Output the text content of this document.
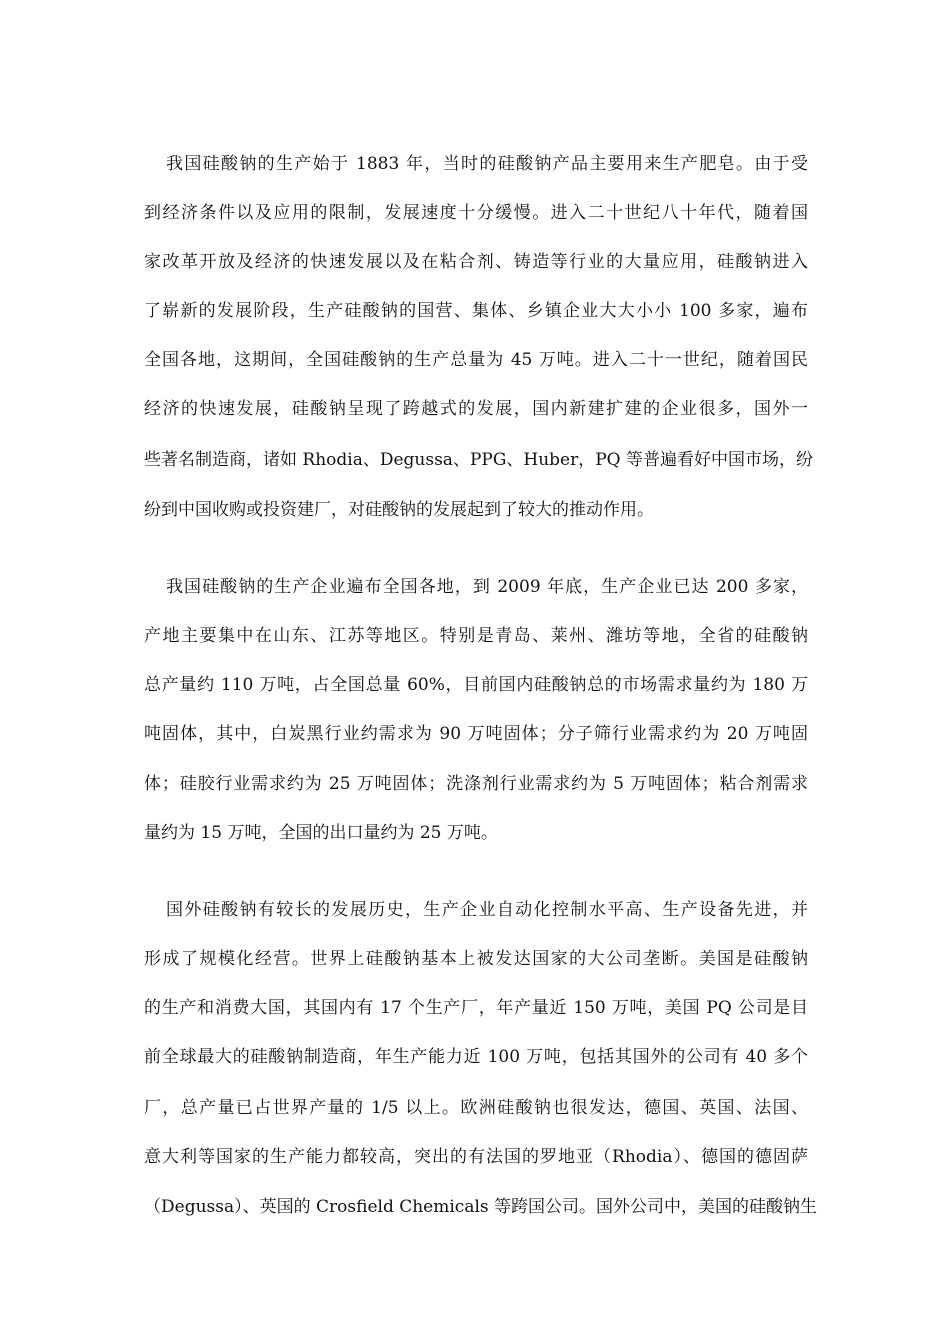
我国硅酸钠的生产始于 1883 年，当时的硅酸钠产品主要用来生产肥皂。由于受
到经济条件以及应用的限制，发展速度十分缓慢。进入二十世纪八十年代，随着国
家改革开放及经济的快速发展以及在粘合剂、铸造等行业的大量应用，硅酸钠进入
了崭新的发展阶段，生产硅酸钠的国营、集体、乡镇企业大大小小 100 多家，遍布
全国各地，这期间，全国硅酸钠的生产总量为 45 万吨。进入二十一世纪，随着国民
经济的快速发展，硅酸钠呈现了跨越式的发展，国内新建扩建的企业很多，国外一
些著名制造商，诸如 Rhodia、Degussa、PPG、Huber，PQ 等普遍看好中国市场，纷
纷到中国收购或投资建厂，对硅酸钠的发展起到了较大的推动作用。
我国硅酸钠的生产企业遍布全国各地，到 2009 年底，生产企业已达 200 多家，
产地主要集中在山东、江苏等地区。特别是青岛、莱州、潍坊等地，全省的硅酸钠
总产量约 110 万吨，占全国总量 60%，目前国内硅酸钠总的市场需求量约为 180 万
吨固体，其中，白炭黑行业约需求为 90 万吨固体；分子筛行业需求约为 20 万吨固
体；硅胶行业需求约为 25 万吨固体；洗涤剂行业需求约为 5 万吨固体；粘合剂需求
量约为 15 万吨，全国的出口量约为 25 万吨。
国外硅酸钠有较长的发展历史，生产企业自动化控制水平高、生产设备先进，并
形成了规模化经营。世界上硅酸钠基本上被发达国家的大公司垄断。美国是硅酸钠
的生产和消费大国，其国内有 17 个生产厂，年产量近 150 万吨，美国 PQ 公司是目
前全球最大的硅酸钠制造商，年生产能力近 100 万吨，包括其国外的公司有 40 多个
厂，总产量已占世界产量的 1/5 以上。欧洲硅酸钠也很发达，德国、英国、法国、
意大利等国家的生产能力都较高，突出的有法国的罗地亚（Rhodia）、德国的德固萨
（Degussa）、英国的 Crosfield Chemicals 等跨国公司。国外公司中，美国的硅酸钠生
